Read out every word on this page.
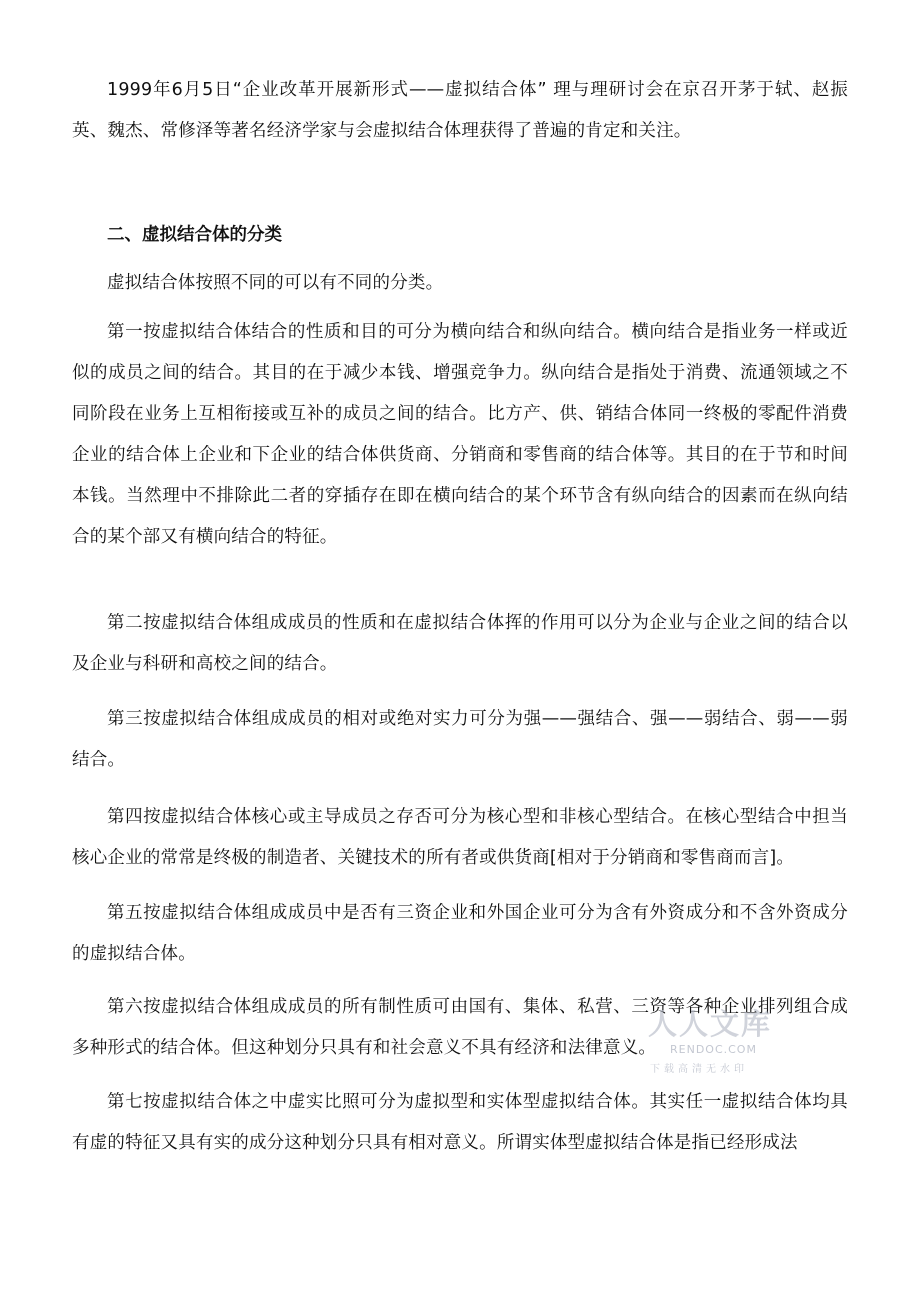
1999年6月5日“企业改革开展新形式——虚拟结合体” 理与理研讨会在京召开茅于轼、赵振英、魏杰、常修泽等著名经济学家与会虚拟结合体理获得了普遍的肯定和关注。

二、虚拟结合体的分类

虚拟结合体按照不同的可以有不同的分类。

第一按虚拟结合体结合的性质和目的可分为横向结合和纵向结合。横向结合是指业务一样或近似的成员之间的结合。其目的在于减少本钱、增强竞争力。纵向结合是指处于消费、流通领域之不同阶段在业务上互相衔接或互补的成员之间的结合。比方产、供、销结合体同一终极的零配件消费企业的结合体上企业和下企业的结合体供货商、分销商和零售商的结合体等。其目的在于节和时间本钱。当然理中不排除此二者的穿插存在即在横向结合的某个环节含有纵向结合的因素而在纵向结合的某个部又有横向结合的特征。

第二按虚拟结合体组成成员的性质和在虚拟结合体挥的作用可以分为企业与企业之间的结合以及企业与科研和高校之间的结合。

第三按虚拟结合体组成成员的相对或绝对实力可分为强——强结合、强——弱结合、弱——弱结合。

第四按虚拟结合体核心或主导成员之存否可分为核心型和非核心型结合。在核心型结合中担当核心企业的常常是终极的制造者、关键技术的所有者或供货商[相对于分销商和零售商而言]。

第五按虚拟结合体组成成员中是否有三资企业和外国企业可分为含有外资成分和不含外资成分的虚拟结合体。

第六按虚拟结合体组成成员的所有制性质可由国有、集体、私营、三资等各种企业排列组合成多种形式的结合体。但这种划分只具有和社会意义不具有经济和法律意义。

第七按虚拟结合体之中虚实比照可分为虚拟型和实体型虚拟结合体。其实任一虚拟结合体均具有虚的特征又具有实的成分这种划分只具有相对意义。所谓实体型虚拟结合体是指已经形成法

人人文库
RENDOC.COM
下载高清无水印
